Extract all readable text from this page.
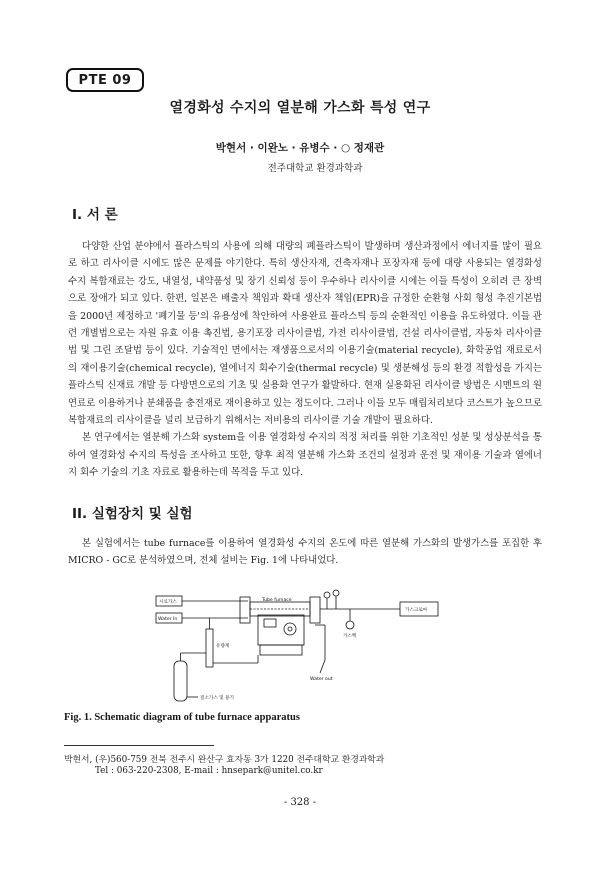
PTE 09
열경화성 수지의 열분해 가스화 특성 연구
박현서 · 이완노 · 유병수 · ○ 정재관
전주대학교 환경과학과
I. 서 론

다양한 산업 분야에서 플라스틱의 사용에 의해 대량의 폐플라스틱이 발생하며 생산과정에서 에너지를 많이 필요로 하고 리사이클 시에도 많은 문제를 야기한다. 특히 생산자재, 건축자재나 포장자재 등에 대량 사용되는 열경화성 수지 복합재료는 강도, 내열성, 내약품성 및 장기 신뢰성 등이 우수하나 리사이클 시에는 이들 특성이 오히려 큰 장벽으로 장애가 되고 있다. 한편, 일본은 배출자 책임과 확대 생산자 책임(EPR)을 규정한 순환형 사회 형성 추진기본법을 2000년 제정하고 '폐기물 등'의 유용성에 착안하여 사용완료 플라스틱 등의 순환적인 이용을 유도하였다. 이들 관련 개별법으로는 자원 유효 이용 촉진법, 용기포장 리사이클법, 가전 리사이클법, 건설 리사이클법, 자동차 리사이클법 및 그린 조달법 등이 있다. 기술적인 면에서는 재생품으로서의 이용기술(material recycle), 화학공업 재료로서의 재이용기술(chemical recycle), 열에너지 회수기술(thermal recycle) 및 생분해성 등의 환경 적합성을 가지는 플라스틱 신재료 개발 등 다방면으로의 기초 및 실용화 연구가 활발하다. 현재 실용화된 리사이클 방법은 시멘트의 원 연료로 이용하거나 분쇄품을 충전재로 재이용하고 있는 정도이다. 그러나 이들 모두 매립처리보다 코스트가 높으므로 복합재료의 리사이클을 널리 보급하기 위해서는 저비용의 리사이클 기술 개발이 필요하다.

본 연구에서는 열분해 가스화 system을 이용 열경화성 수지의 적정 처리를 위한 기초적인 성분 및 성상분석을 통하여 열경화성 수지의 특성을 조사하고 또한, 향후 최적 열분해 가스화 조건의 설정과 운전 및 재이용 기술과 열에너지 회수 기술의 기초 자료로 활용하는데 목적을 두고 있다.

II. 실험장치 및 실험

본 실험에서는 tube furnace를 이용하여 열경화성 수지의 온도에 따른 열분해 가스화의 발생가스를 포집한 후 MICRO - GC로 분석하였으며, 전체 설비는 Fig. 1에 나타내었다.

시료가스
Water In
Tube furnace
가스크로마
가스백
유량계
Water out
질소가스 및 용기
Fig. 1. Schematic diagram of tube furnace apparatus
박현서, (우)560-759 전북 전주시 완산구 효자동 3가 1220 전주대학교 환경과학과
Tel : 063-220-2308, E-mail : hnsepark@unitel.co.kr
- 328 -
